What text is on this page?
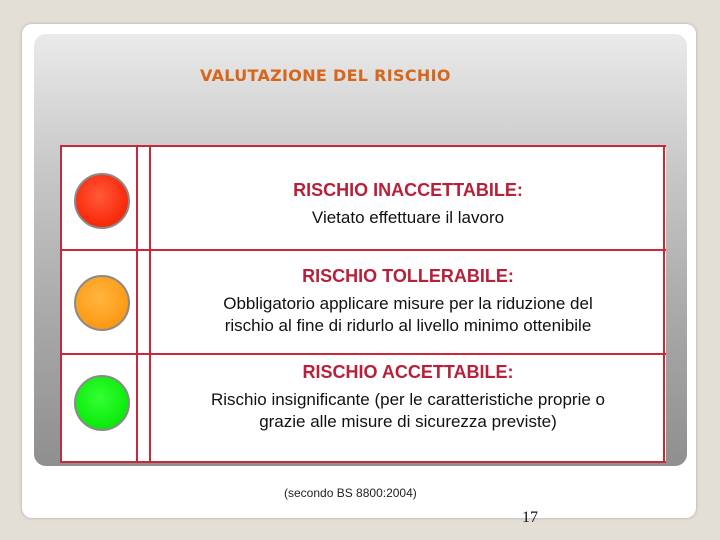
VALUTAZIONE DEL RISCHIO
RISCHIO INACCETTABILE:
Vietato effettuare il lavoro
RISCHIO TOLLERABILE:
Obbligatorio applicare misure per la riduzione del
rischio al fine di ridurlo al livello minimo ottenibile
RISCHIO ACCETTABILE:
Rischio insignificante (per le caratteristiche proprie o
grazie alle misure di sicurezza previste)
(secondo BS 8800:2004)
17
